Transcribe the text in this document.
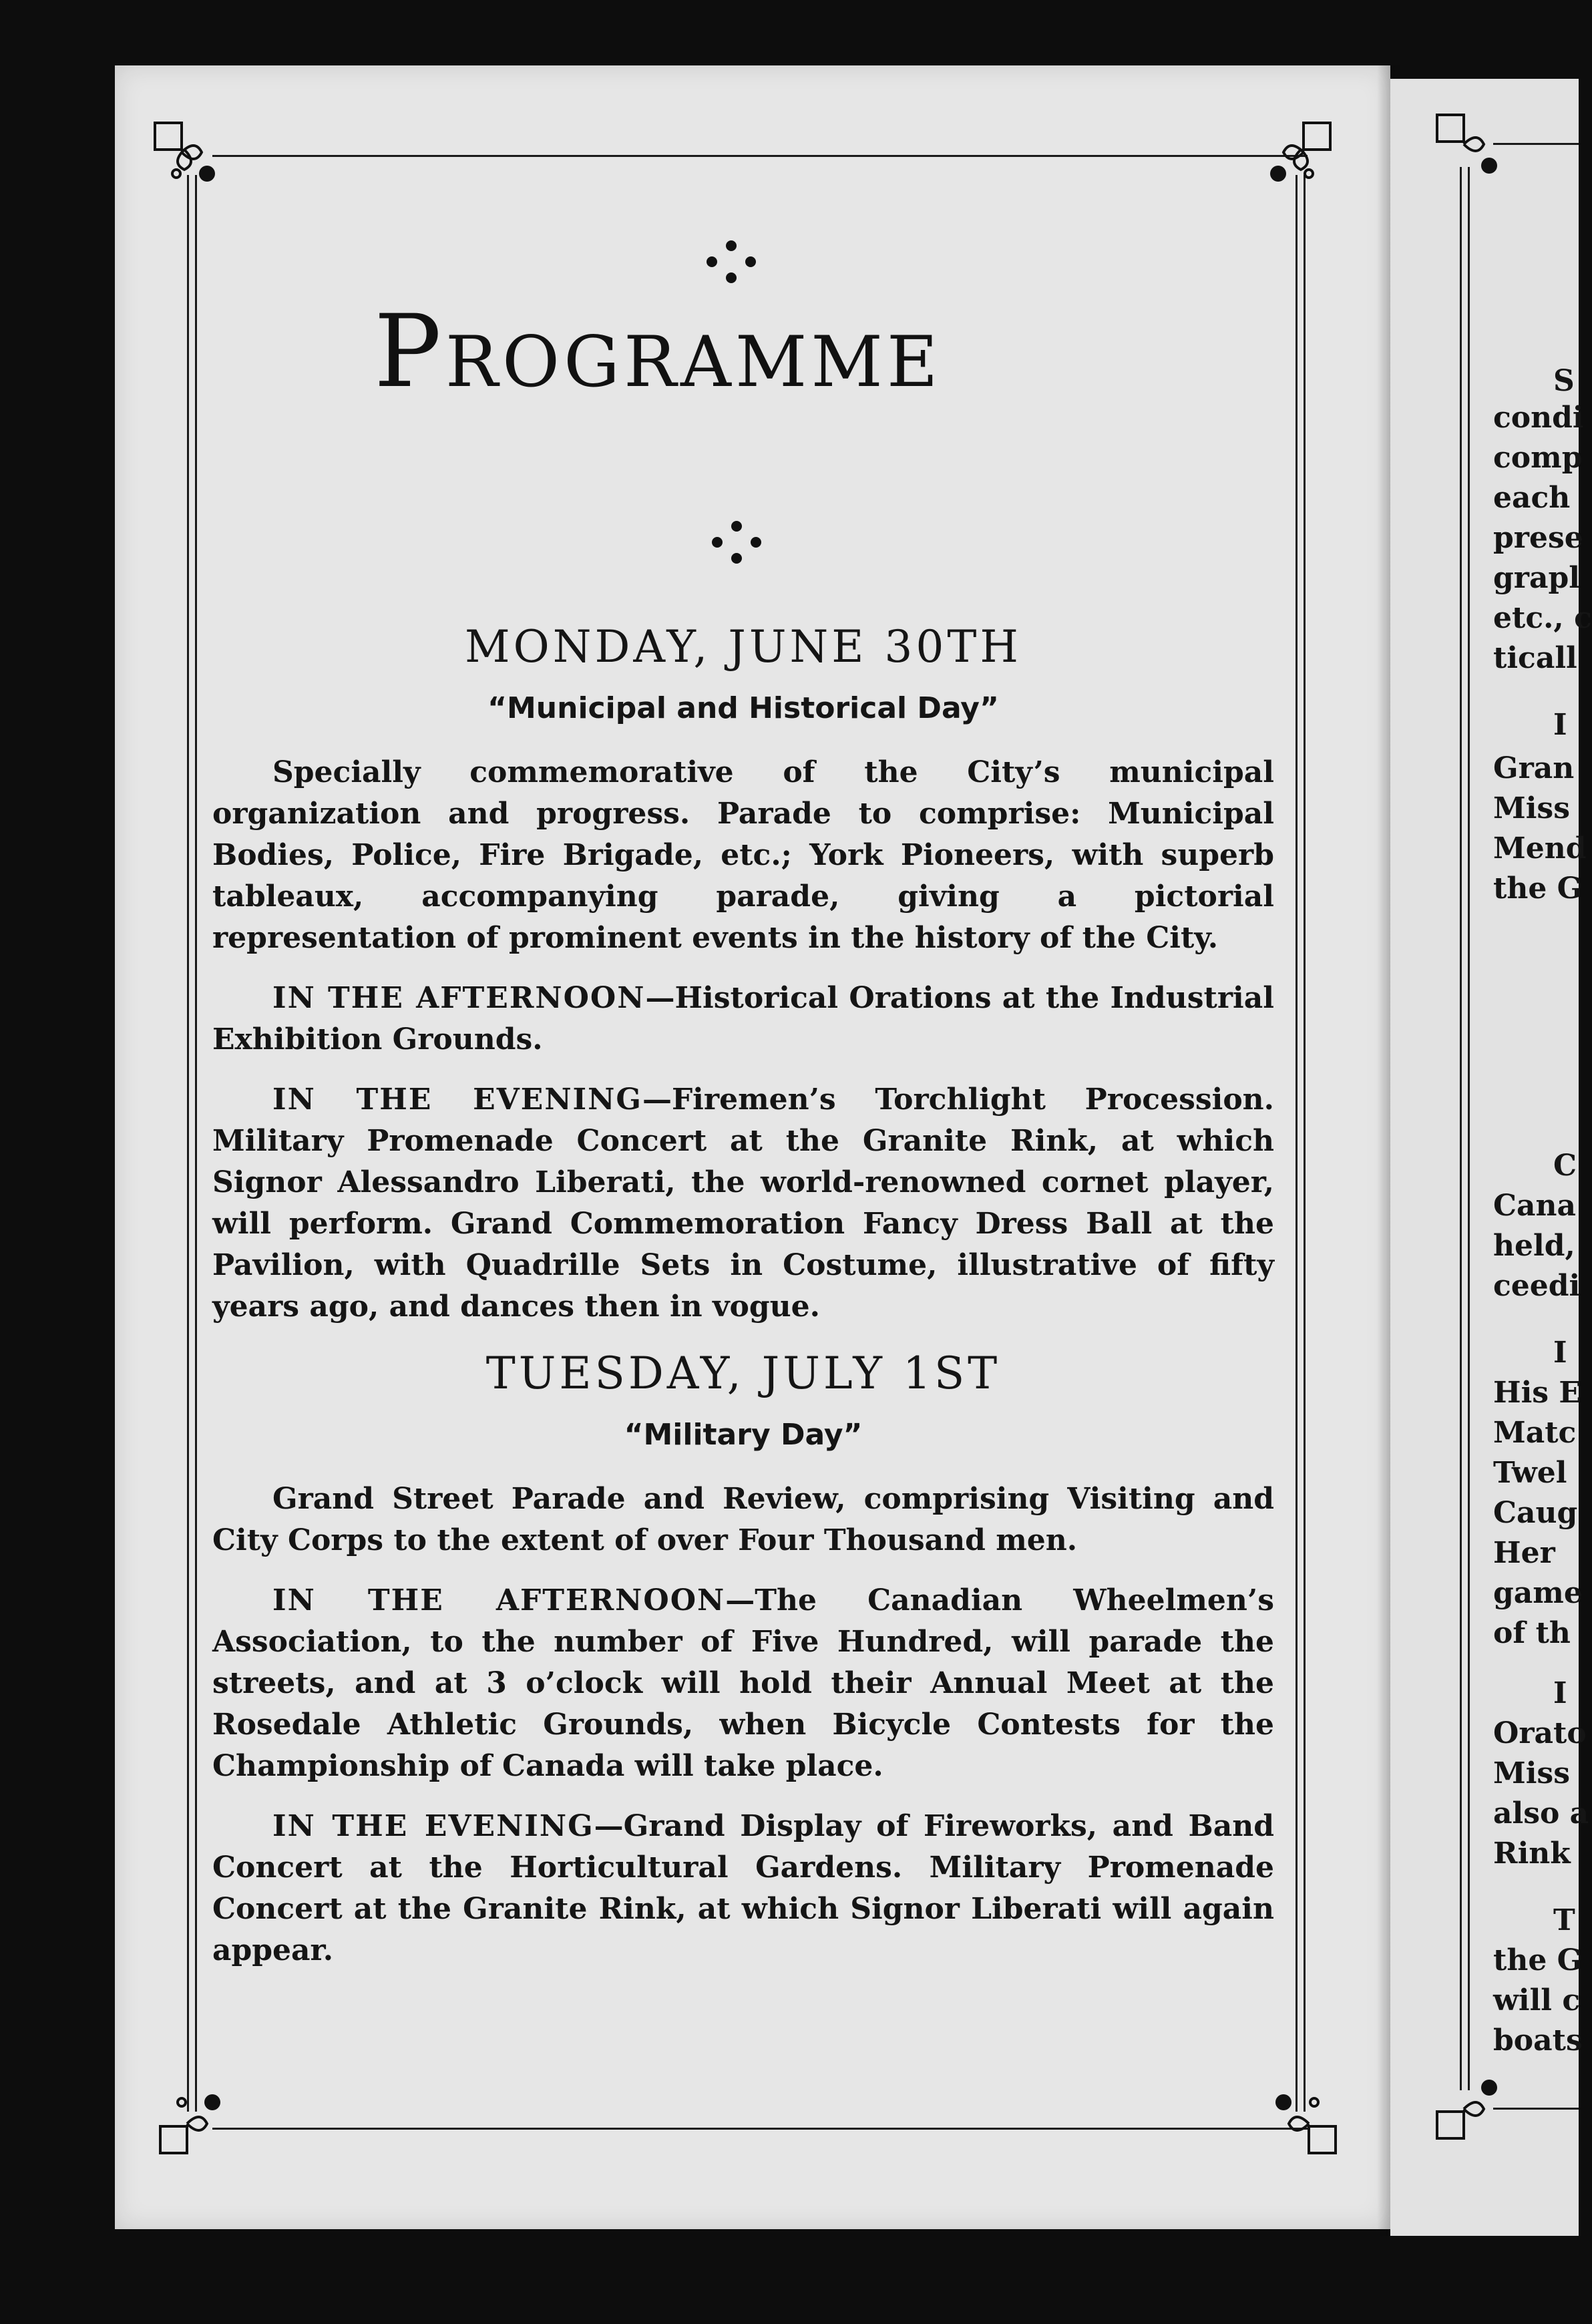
Programme
MONDAY, JUNE 30TH
“Municipal and Historical Day”

Specially commemorative of the City’s municipal organization and progress. Parade to comprise: Municipal Bodies, Police, Fire Brigade, etc.; York Pioneers, with superb tableaux, accompanying parade, giving a pictorial representation of prominent events in the history of the City.

IN THE AFTERNOON—Historical Orations at the Industrial Exhibition Grounds.

IN THE EVENING—Firemen’s Torchlight Procession. Military Promenade Concert at the Granite Rink, at which Signor Alessandro Liberati, the world-renowned cornet player, will perform. Grand Commemoration Fancy Dress Ball at the Pavilion, with Quadrille Sets in Costume, illustrative of fifty years ago, and dances then in vogue.

TUESDAY, JULY 1ST
“Military Day”

Grand Street Parade and Review, comprising Visiting and City Corps to the extent of over Four Thousand men.

IN THE AFTERNOON—The Canadian Wheelmen’s Association, to the number of Five Hundred, will parade the streets, and at 3 o’clock will hold their Annual Meet at the Rosedale Athletic Grounds, when Bicycle Contests for the Championship of Canada will take place.

IN THE EVENING—Grand Display of Fireworks, and Band Concert at the Horticultural Gardens. Military Promenade Concert at the Granite Rink, at which Signor Liberati will again appear.

S
condi
comp
each
prese
grapl
etc., c
ticall
I
Gran
Miss
Mend
the G
C
Cana
held,
ceedi
I
His E
Matc
Twel
Caug
Her
game
of th
I
Orato
Miss
also a
Rink
T
the G
will c
boats
